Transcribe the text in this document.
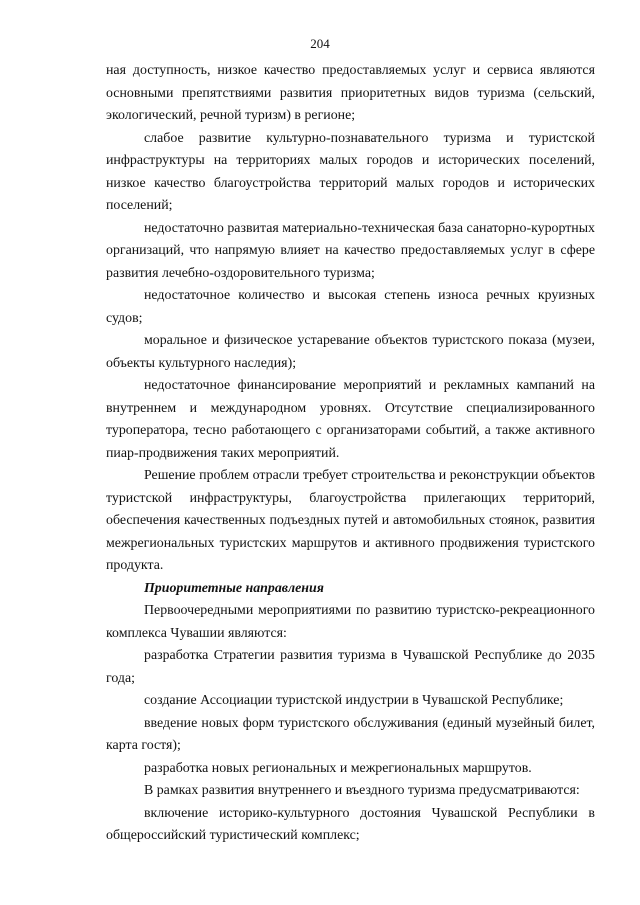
204

ная доступность, низкое качество предоставляемых услуг и сервиса являются основными препятствиями развития приоритетных видов туризма (сельский, экологический, речной туризм) в регионе;

слабое развитие культурно-познавательного туризма и туристской инфраструктуры на территориях малых городов и исторических поселений, низкое качество благоустройства территорий малых городов и исторических поселений;

недостаточно развитая материально-техническая база санаторно-курортных организаций, что напрямую влияет на качество предоставляемых услуг в сфере развития лечебно-оздоровительного туризма;

недостаточное количество и высокая степень износа речных круизных судов;

моральное и физическое устаревание объектов туристского показа (музеи, объекты культурного наследия);

недостаточное финансирование мероприятий и рекламных кампаний на внутреннем и международном уровнях. Отсутствие специализированного туроператора, тесно работающего с организаторами событий, а также активного пиар-продвижения таких мероприятий.

Решение проблем отрасли требует строительства и реконструкции объектов туристской инфраструктуры, благоустройства прилегающих территорий, обеспечения качественных подъездных путей и автомобильных стоянок, развития межрегиональных туристских маршрутов и активного продвижения туристского продукта.

Приоритетные направления

Первоочередными мероприятиями по развитию туристско-рекреационного комплекса Чувашии являются:

разработка Стратегии развития туризма в Чувашской Республике до 2035 года;

создание Ассоциации туристской индустрии в Чувашской Республике;

введение новых форм туристского обслуживания (единый музейный билет, карта гостя);

разработка новых региональных и межрегиональных маршрутов.

В рамках развития внутреннего и въездного туризма предусматриваются:

включение историко-культурного достояния Чувашской Республики в общероссийский туристический комплекс;
